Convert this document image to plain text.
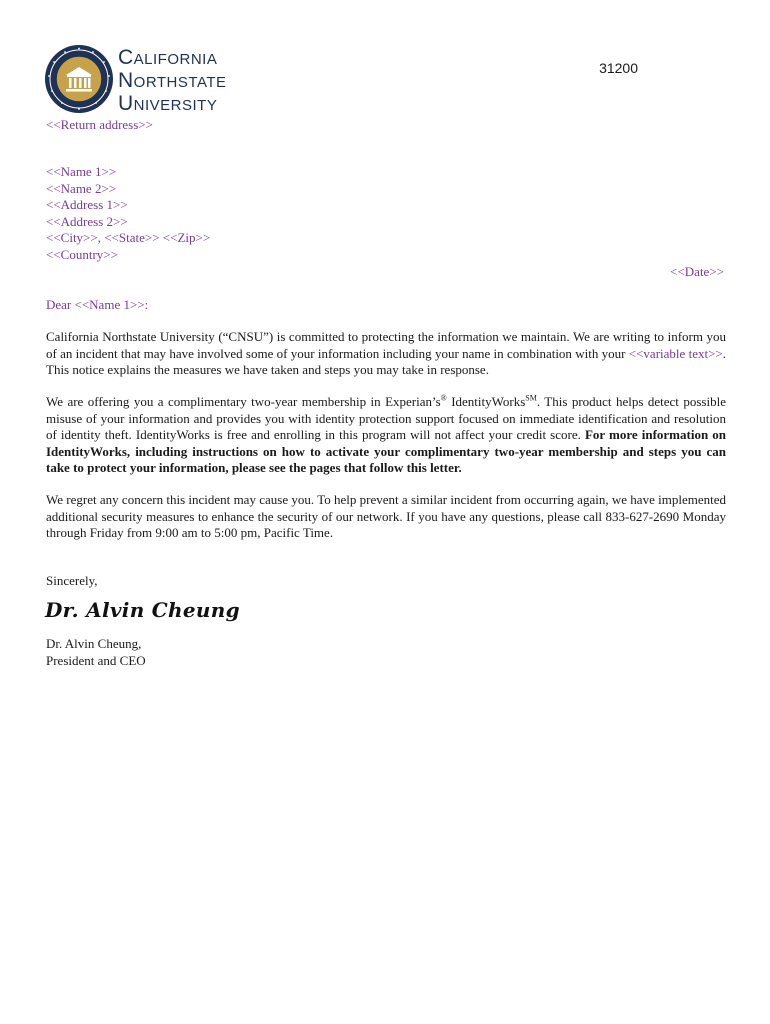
California
Northstate
University
31200
<<Return address>>
<<Name 1>>
<<Name 2>>
<<Address 1>>
<<Address 2>>
<<City>>, <<State>> <<Zip>>
<<Country>>
<<Date>>
Dear <<Name 1>>:
California Northstate University (“CNSU”) is committed to protecting the information we maintain. We are writing to inform you of an incident that may have involved some of your information including your name in combination with your <<variable text>>. This notice explains the measures we have taken and steps you may take in response.
We are offering you a complimentary two-year membership in Experian’s® IdentityWorks℠. This product helps detect possible misuse of your information and provides you with identity protection support focused on immediate identification and resolution of identity theft. IdentityWorks is free and enrolling in this program will not affect your credit score. For more information on IdentityWorks, including instructions on how to activate your complimentary two-year membership and steps you can take to protect your information, please see the pages that follow this letter.
We regret any concern this incident may cause you. To help prevent a similar incident from occurring again, we have implemented additional security measures to enhance the security of our network. If you have any questions, please call 833-627-2690 Monday through Friday from 9:00 am to 5:00 pm, Pacific Time.
Sincerely,
Dr. Alvin Cheung
Dr. Alvin Cheung,
President and CEO
